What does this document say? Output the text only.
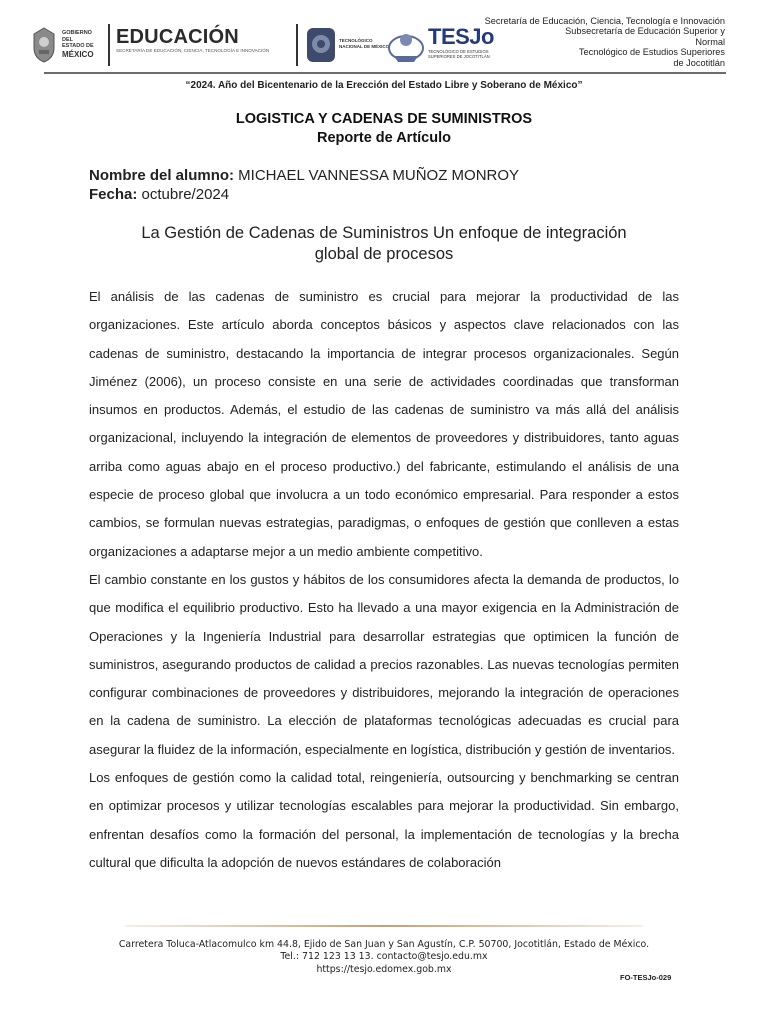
GOBIERNO DEL
ESTADO DE
MÉXICO
EDUCACIÓN
SECRETARÍA DE EDUCACIÓN, CIENCIA, TECNOLOGÍA E INNOVACIÓN
TECNOLÓGICO
NACIONAL DE MÉXICO TESJo
TECNOLÓGICO DE ESTUDIOS
SUPERIORES DE JOCOTITLÁN
Secretaría de Educación, Ciencia, Tecnología e Innovación
Subsecretaría de Educación Superior y
Normal
Tecnológico de Estudios Superiores
de Jocotitlán
“2024. Año del Bicentenario de la Erección del Estado Libre y Soberano de México”
LOGISTICA Y CADENAS DE SUMINISTROS
Reporte de Artículo
Nombre del alumno: MICHAEL VANNESSA MUÑOZ MONROY
Fecha: octubre/2024
La Gestión de Cadenas de Suministros Un enfoque de integración
global de procesos

El análisis de las cadenas de suministro es crucial para mejorar la productividad de las organizaciones. Este artículo aborda conceptos básicos y aspectos clave relacionados con las cadenas de suministro, destacando la importancia de integrar procesos organizacionales. Según Jiménez (2006), un proceso consiste en una serie de actividades coordinadas que transforman insumos en productos. Además, el estudio de las cadenas de suministro va más allá del análisis organizacional, incluyendo la integración de elementos de proveedores y distribuidores, tanto aguas arriba como aguas abajo en el proceso productivo.) del fabricante, estimulando el análisis de una especie de proceso global que involucra a un todo económico empresarial. Para responder a estos cambios, se formulan nuevas estrategias, paradigmas, o enfoques de gestión que conlleven a estas organizaciones a adaptarse mejor a un medio ambiente competitivo.

El cambio constante en los gustos y hábitos de los consumidores afecta la demanda de productos, lo que modifica el equilibrio productivo. Esto ha llevado a una mayor exigencia en la Administración de Operaciones y la Ingeniería Industrial para desarrollar estrategias que optimicen la función de suministros, asegurando productos de calidad a precios razonables. Las nuevas tecnologías permiten configurar combinaciones de proveedores y distribuidores, mejorando la integración de operaciones en la cadena de suministro. La elección de plataformas tecnológicas adecuadas es crucial para asegurar la fluidez de la información, especialmente en logística, distribución y gestión de inventarios.

Los enfoques de gestión como la calidad total, reingeniería, outsourcing y benchmarking se centran en optimizar procesos y utilizar tecnologías escalables para mejorar la productividad. Sin embargo, enfrentan desafíos como la formación del personal, la implementación de tecnologías y la brecha cultural que dificulta la adopción de nuevos estándares de colaboración

Carretera Toluca-Atlacomulco km 44.8, Ejido de San Juan y San Agustín, C.P. 50700, Jocotitlán, Estado de México.
Tel.: 712 123 13 13. contacto@tesjo.edu.mx
https://tesjo.edomex.gob.mx
FO-TESJo-029
